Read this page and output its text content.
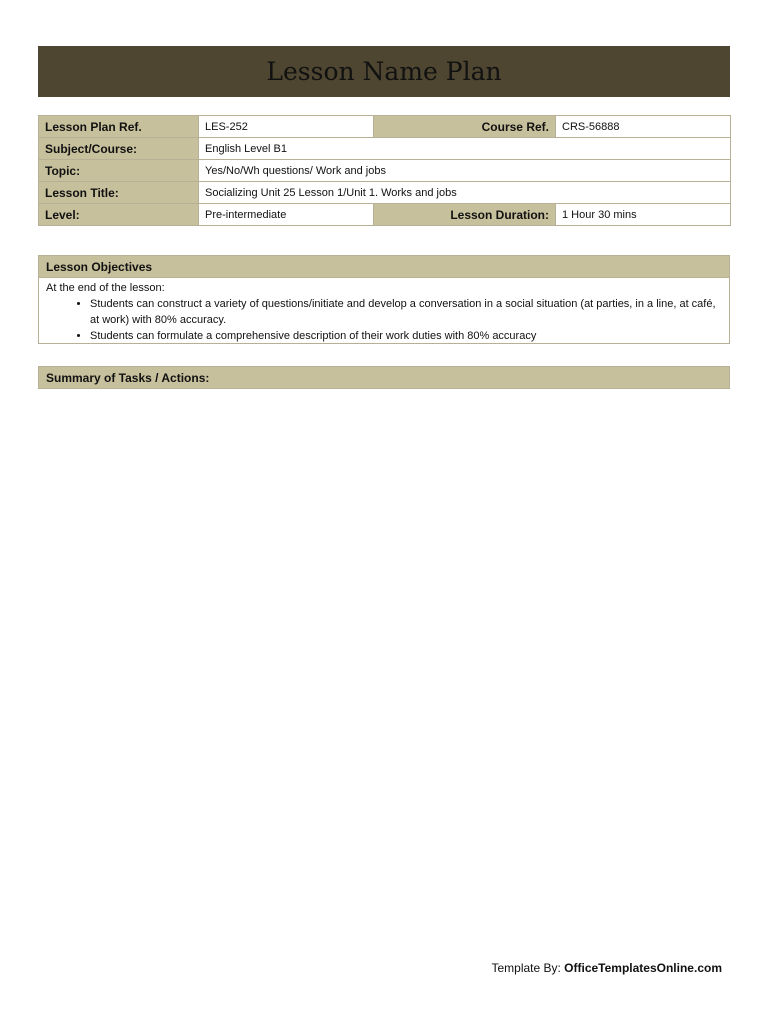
Lesson Name Plan
Lesson Plan Ref.	LES-252	Course Ref.	CRS-56888
Subject/Course:	English Level B1		
Topic:	Yes/No/Wh questions/ Work and jobs		
Lesson Title:	Socializing Unit 25 Lesson 1/Unit 1. Works and jobs		
Level:	Pre-intermediate	Lesson Duration:	1 Hour 30 mins
Lesson Objectives
At the end of the lesson:
• Students can construct a variety of questions/initiate and develop a conversation in a social situation (at parties, in a line, at café, at work) with 80% accuracy.
• Students can formulate a comprehensive description of their work duties with 80% accuracy
Summary of Tasks / Actions:
Template By: OfficeTemplatesOnline.com
